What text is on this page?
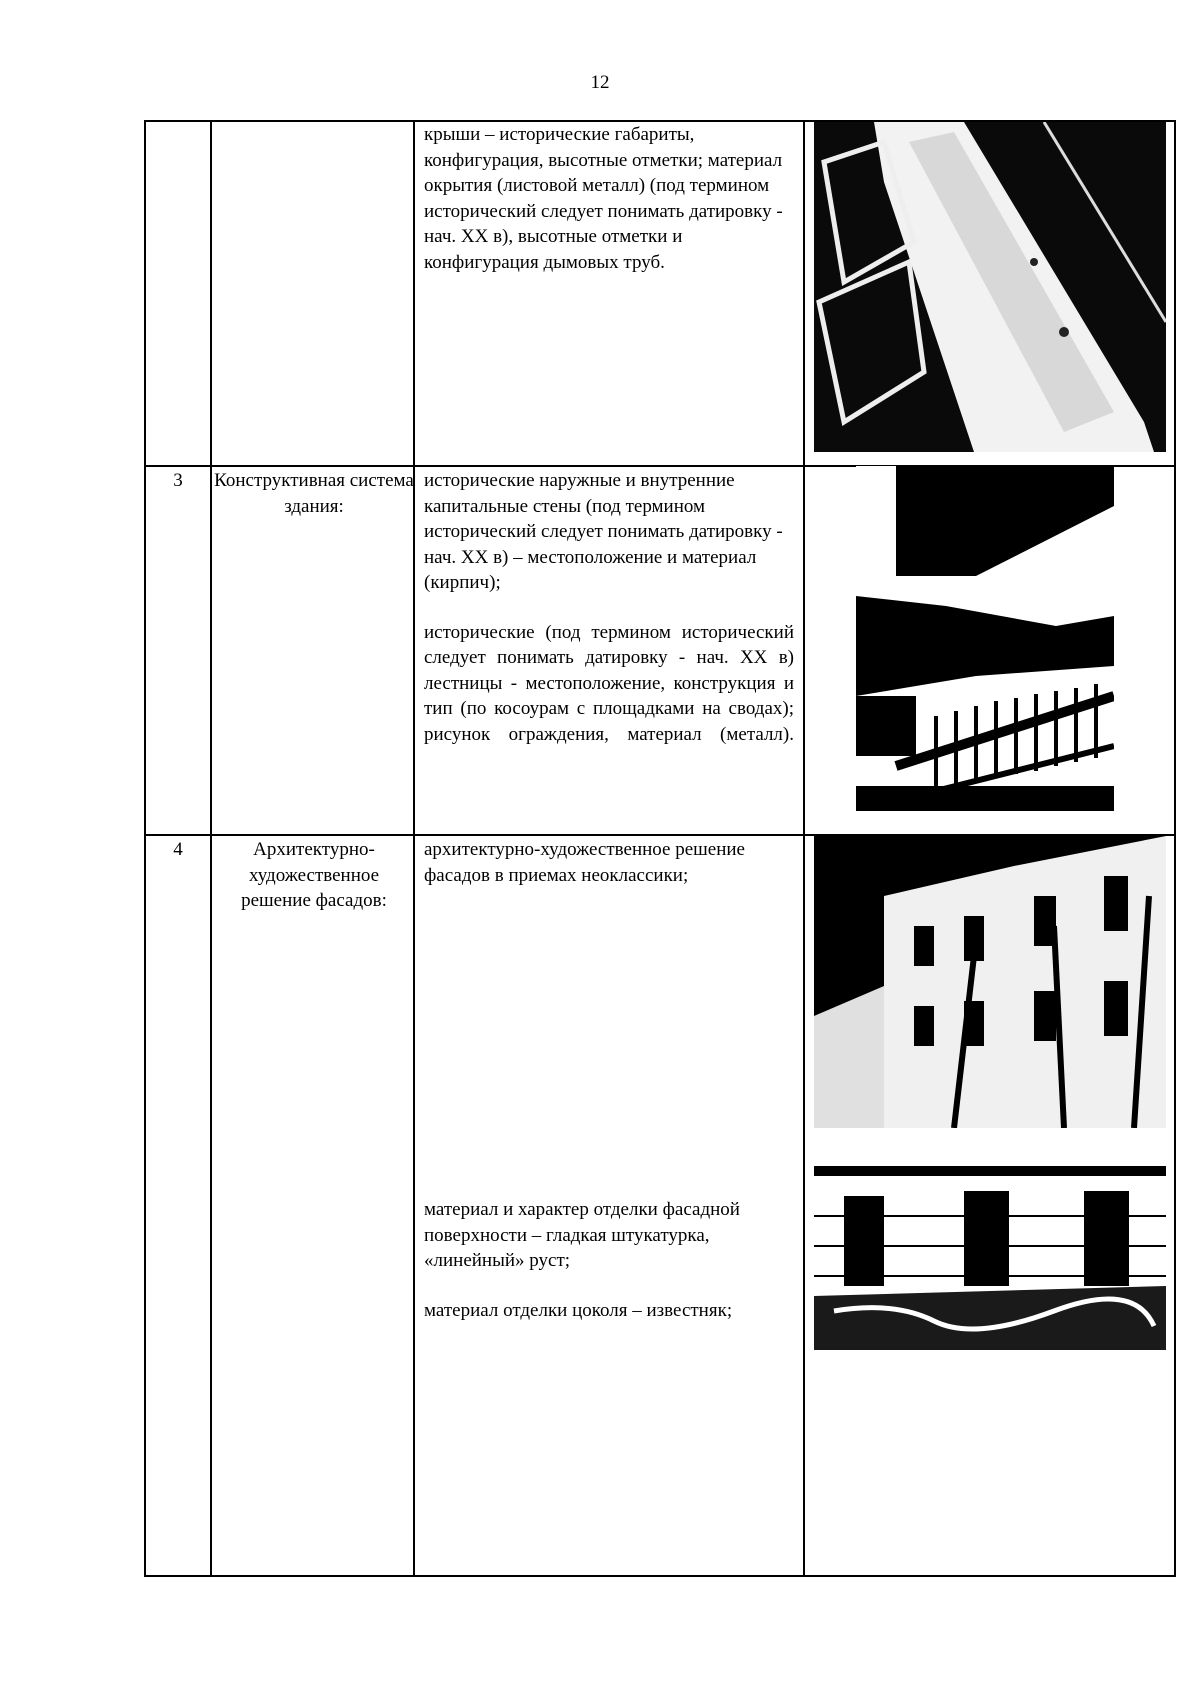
12
крыши – исторические габариты, конфигурация, высотные отметки; материал окрытия (листовой металл) (под термином исторический следует понимать датировку - нач. XX в), высотные отметки и конфигурация дымовых труб.
3	Конструктивная система здания:
исторические наружные и внутренние капитальные стены (под термином исторический следует понимать датировку - нач. XX в) – местоположение и материал (кирпич);
исторические (под термином исторический следует понимать датировку - нач. XX в) лестницы - местоположение, конструкция и тип (по косоурам с площадками на сводах); рисунок ограждения, материал (металл).
4	Архитектурно-художественное решение фасадов:
архитектурно-художественное решение фасадов в приемах неоклассики;
материал и характер отделки фасадной поверхности – гладкая штукатурка, «линейный» руст;
материал отделки цоколя – известняк;
